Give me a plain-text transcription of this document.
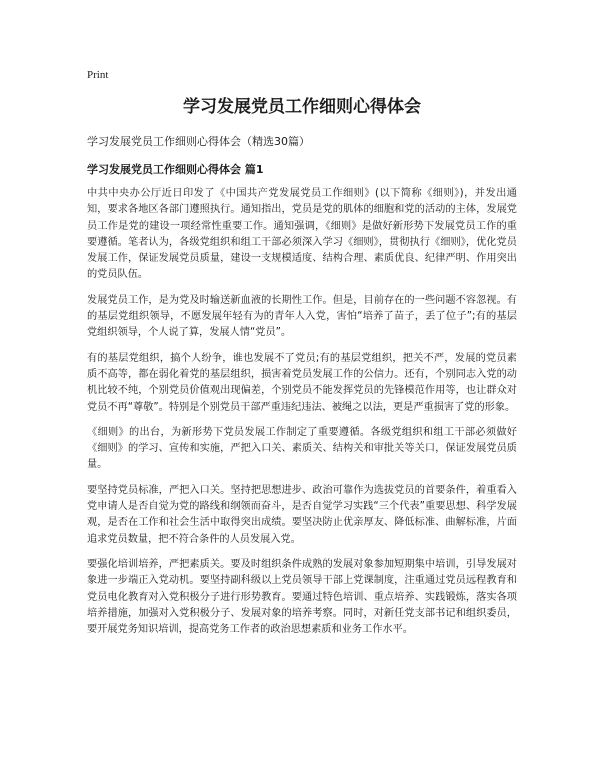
Print
学习发展党员工作细则心得体会
学习发展党员工作细则心得体会（精选30篇）
学习发展党员工作细则心得体会 篇1

中共中央办公厅近日印发了《中国共产党发展党员工作细则》(以下简称《细则》)，并发出通知，要求各地区各部门遵照执行。通知指出，党员是党的肌体的细胞和党的活动的主体，发展党员工作是党的建设一项经常性重要工作。通知强调，《细则》是做好新形势下发展党员工作的重要遵循。笔者认为，各级党组织和组工干部必须深入学习《细则》，贯彻执行《细则》，优化党员发展工作，保证发展党员质量，建设一支规模适度、结构合理、素质优良、纪律严明、作用突出的党员队伍。

发展党员工作，是为党及时输送新血液的长期性工作。但是，目前存在的一些问题不容忽视。有的基层党组织领导，不愿发展年轻有为的青年人入党，害怕“培养了苗子，丢了位子”;有的基层党组织领导，个人说了算，发展人情“党员”。

有的基层党组织，搞个人纷争，谁也发展不了党员;有的基层党组织，把关不严，发展的党员素质不高等，都在弱化着党的基层组织，损害着党员发展工作的公信力。还有，个别同志入党的动机比较不纯，个别党员价值观出现偏差，个别党员不能发挥党员的先锋模范作用等，也让群众对党员不再“尊敬”。特别是个别党员干部严重违纪违法、被绳之以法，更是严重损害了党的形象。

《细则》的出台，为新形势下党员发展工作制定了重要遵循。各级党组织和组工干部必须做好《细则》的学习、宣传和实施，严把入口关、素质关、结构关和审批关等关口，保证发展党员质量。

要坚持党员标准，严把入口关。坚持把思想进步、政治可靠作为选拔党员的首要条件，着重看入党申请人是否自觉为党的路线和纲领而奋斗，是否自觉学习实践“三个代表”重要思想、科学发展观，是否在工作和社会生活中取得突出成绩。要坚决防止优亲厚友、降低标准、曲解标准，片面追求党员数量，把不符合条件的人员发展入党。

要强化培训培养，严把素质关。要及时组织条件成熟的发展对象参加短期集中培训，引导发展对象进一步端正入党动机。要坚持副科级以上党员领导干部上党课制度，注重通过党员远程教育和党员电化教育对入党积极分子进行形势教育。要通过特色培训、重点培养、实践锻炼，落实各项培养措施，加强对入党积极分子、发展对象的培养考察。同时，对新任党支部书记和组织委员，要开展党务知识培训，提高党务工作者的政治思想素质和业务工作水平。
